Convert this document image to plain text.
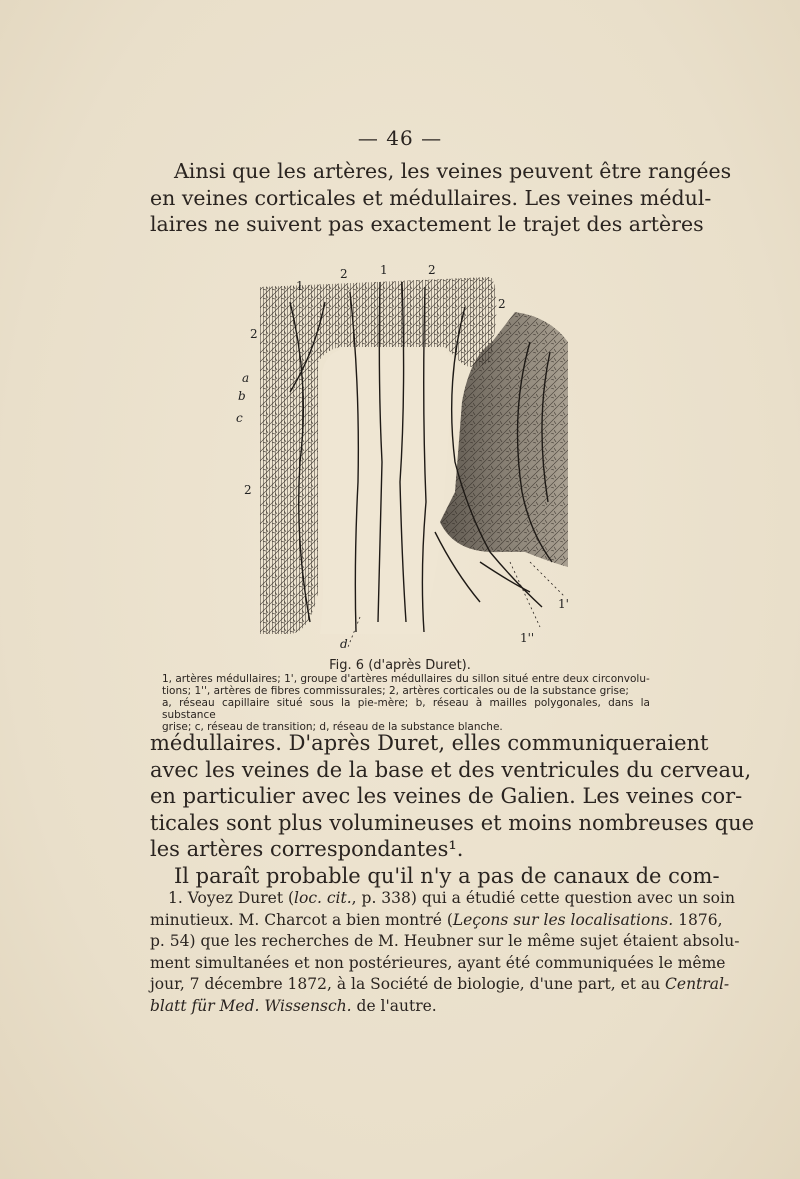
— 46 —
Ainsi que les artères, les veines peuvent être rangées
en veines corticales et médullaires. Les veines médul-
laires ne suivent pas exactement le trajet des artères
1
2	1	2
2
2
a
b
c
2
d
1'
1''
Fig. 6 (d'après Duret).
1, artères médullaires; 1', groupe d'artères médullaires du sillon situé entre deux circonvolu-
tions; 1'', artères de fibres commissurales; 2, artères corticales ou de la substance grise;
a, réseau capillaire situé sous la pie-mère; b, réseau à mailles polygonales, dans la substance
grise; c, réseau de transition; d, réseau de la substance blanche.
médullaires. D'après Duret, elles communiqueraient
avec les veines de la base et des ventricules du cerveau,
en particulier avec les veines de Galien. Les veines cor-
ticales sont plus volumineuses et moins nombreuses que
les artères correspondantes¹.
Il paraît probable qu'il n'y a pas de canaux de com-
1. Voyez Duret (loc. cit., p. 338) qui a étudié cette question avec un soin
minutieux. M. Charcot a bien montré (Leçons sur les localisations. 1876,
p. 54) que les recherches de M. Heubner sur le même sujet étaient absolu-
ment simultanées et non postérieures, ayant été communiquées le même
jour, 7 décembre 1872, à la Société de biologie, d'une part, et au Central-
blatt für Med. Wissensch. de l'autre.
